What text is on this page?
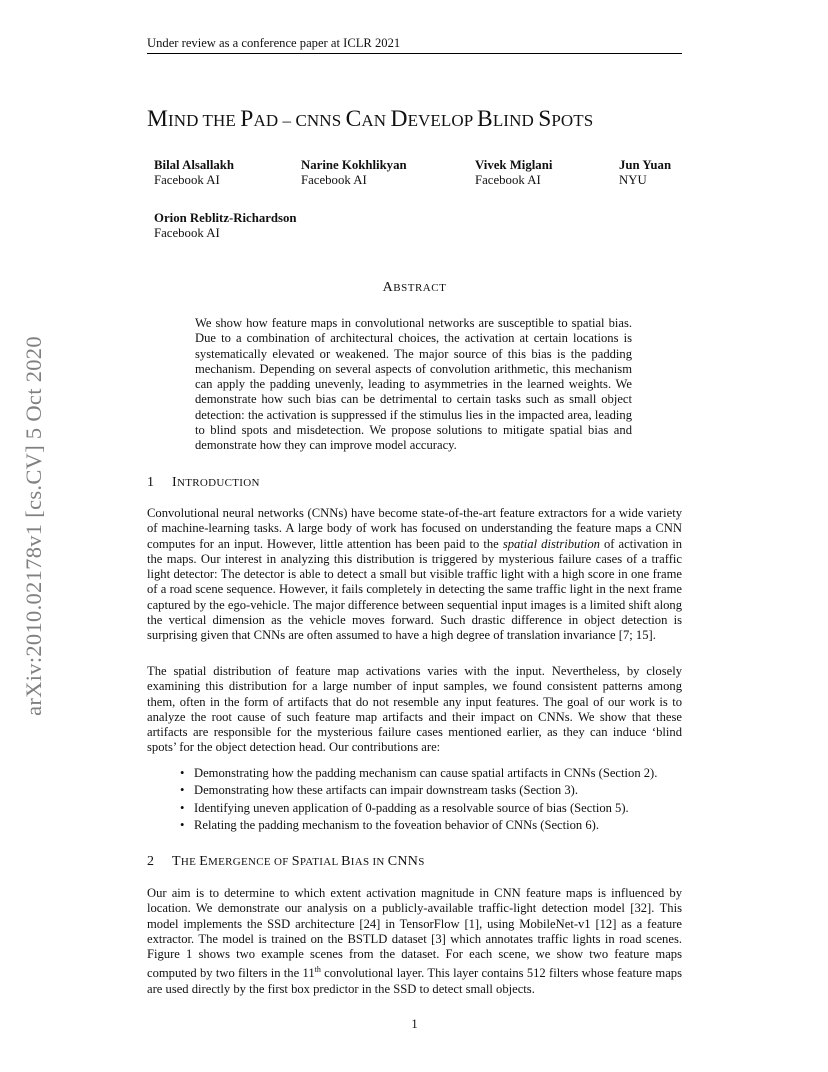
Under review as a conference paper at ICLR 2021
MIND THE PAD – CNNS CAN DEVELOP BLIND SPOTS
Bilal Alsallakh
Facebook AI
Narine Kokhlikyan
Facebook AI
Vivek Miglani
Facebook AI
Jun Yuan
NYU
Orion Reblitz-Richardson
Facebook AI
arXiv:2010.02178v1 [cs.CV] 5 Oct 2020
ABSTRACT

We show how feature maps in convolutional networks are susceptible to spatial bias. Due to a combination of architectural choices, the activation at certain locations is systematically elevated or weakened. The major source of this bias is the padding mechanism. Depending on several aspects of convolution arithmetic, this mechanism can apply the padding unevenly, leading to asymmetries in the learned weights. We demonstrate how such bias can be detrimental to certain tasks such as small object detection: the activation is suppressed if the stimulus lies in the impacted area, leading to blind spots and misdetection. We propose solutions to mitigate spatial bias and demonstrate how they can improve model accuracy.

1 INTRODUCTION

Convolutional neural networks (CNNs) have become state-of-the-art feature extractors for a wide variety of machine-learning tasks. A large body of work has focused on understanding the feature maps a CNN computes for an input. However, little attention has been paid to the spatial distribution of activation in the maps. Our interest in analyzing this distribution is triggered by mysterious failure cases of a traffic light detector: The detector is able to detect a small but visible traffic light with a high score in one frame of a road scene sequence. However, it fails completely in detecting the same traffic light in the next frame captured by the ego-vehicle. The major difference between sequential input images is a limited shift along the vertical dimension as the vehicle moves forward. Such drastic difference in object detection is surprising given that CNNs are often assumed to have a high degree of translation invariance [7; 15].

The spatial distribution of feature map activations varies with the input. Nevertheless, by closely examining this distribution for a large number of input samples, we found consistent patterns among them, often in the form of artifacts that do not resemble any input features. The goal of our work is to analyze the root cause of such feature map artifacts and their impact on CNNs. We show that these artifacts are responsible for the mysterious failure cases mentioned earlier, as they can induce ‘blind spots’ for the object detection head. Our contributions are:

• Demonstrating how the padding mechanism can cause spatial artifacts in CNNs (Section 2).
• Demonstrating how these artifacts can impair downstream tasks (Section 3).
• Identifying uneven application of 0-padding as a resolvable source of bias (Section 5).
• Relating the padding mechanism to the foveation behavior of CNNs (Section 6).
2 THE EMERGENCE OF SPATIAL BIAS IN CNNS

Our aim is to determine to which extent activation magnitude in CNN feature maps is influenced by location. We demonstrate our analysis on a publicly-available traffic-light detection model [32]. This model implements the SSD architecture [24] in TensorFlow [1], using MobileNet-v1 [12] as a feature extractor. The model is trained on the BSTLD dataset [3] which annotates traffic lights in road scenes. Figure 1 shows two example scenes from the dataset. For each scene, we show two feature maps computed by two filters in the 11th convolutional layer. This layer contains 512 filters whose feature maps are used directly by the first box predictor in the SSD to detect small objects.

1
